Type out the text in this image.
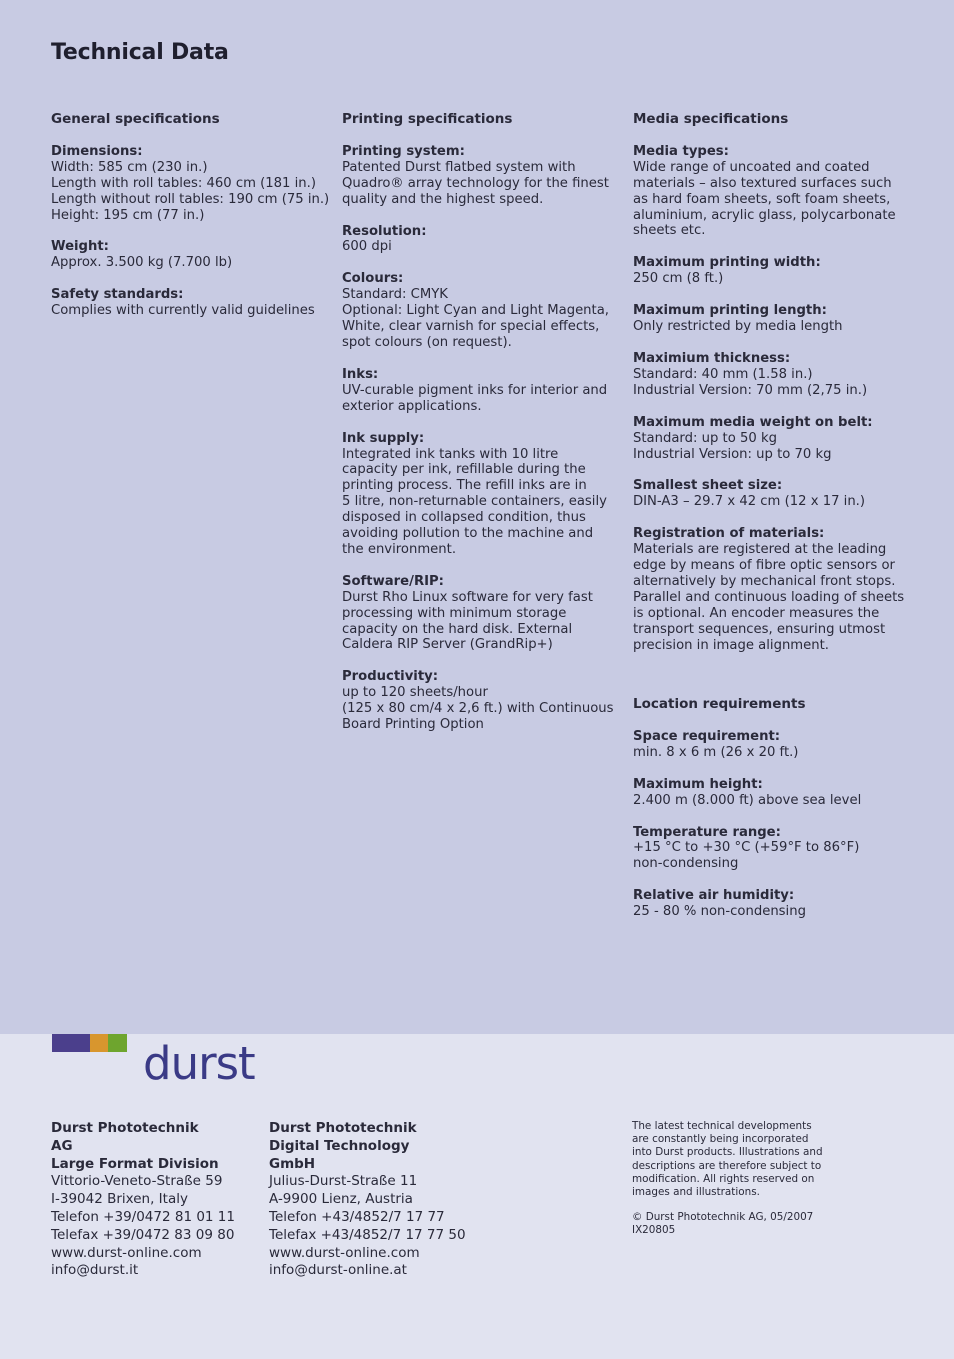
Technical Data
General specifications
Dimensions:
Width: 585 cm (230 in.)
Length with roll tables: 460 cm (181 in.)
Length without roll tables: 190 cm (75 in.)
Height: 195 cm (77 in.)
Weight:
Approx. 3.500 kg (7.700 lb)
Safety standards:
Complies with currently valid guidelines
Printing specifications
Printing system:
Patented Durst flatbed system with
Quadro® array technology for the finest
quality and the highest speed.
Resolution:
600 dpi
Colours:
Standard: CMYK
Optional: Light Cyan and Light Magenta,
White, clear varnish for special effects,
spot colours (on request).
Inks:
UV-curable pigment inks for interior and
exterior applications.
Ink supply:
Integrated ink tanks with 10 litre
capacity per ink, refillable during the
printing process. The refill inks are in
5 litre, non-returnable containers, easily
disposed in collapsed condition, thus
avoiding pollution to the machine and
the environment.
Software/RIP:
Durst Rho Linux software for very fast
processing with minimum storage
capacity on the hard disk. External
Caldera RIP Server (GrandRip+)
Productivity:
up to 120 sheets/hour
(125 x 80 cm/4 x 2,6 ft.) with Continuous
Board Printing Option
Media specifications
Media types:
Wide range of uncoated and coated
materials – also textured surfaces such
as hard foam sheets, soft foam sheets,
aluminium, acrylic glass, polycarbonate
sheets etc.
Maximum printing width:
250 cm (8 ft.)
Maximum printing length:
Only restricted by media length
Maximium thickness:
Standard: 40 mm (1.58 in.)
Industrial Version: 70 mm (2,75 in.)
Maximum media weight on belt:
Standard: up to 50 kg
Industrial Version: up to 70 kg
Smallest sheet size:
DIN-A3 – 29.7 x 42 cm (12 x 17 in.)
Registration of materials:
Materials are registered at the leading
edge by means of fibre optic sensors or
alternatively by mechanical front stops.
Parallel and continuous loading of sheets
is optional. An encoder measures the
transport sequences, ensuring utmost
precision in image alignment.
Location requirements
Space requirement:
min. 8 x 6 m (26 x 20 ft.)
Maximum height:
2.400 m (8.000 ft) above sea level
Temperature range:
+15 °C to +30 °C (+59°F to 86°F)
non-condensing
Relative air humidity:
25 - 80 % non-condensing
durst
Durst Phototechnik
AG
Large Format Division
Vittorio-Veneto-Straße 59
I-39042 Brixen, Italy
Telefon +39/0472 81 01 11
Telefax +39/0472 83 09 80
www.durst-online.com
info@durst.it
Durst Phototechnik
Digital Technology
GmbH
Julius-Durst-Straße 11
A-9900 Lienz, Austria
Telefon +43/4852/7 17 77
Telefax +43/4852/7 17 77 50
www.durst-online.com
info@durst-online.at

The latest technical developments
are constantly being incorporated
into Durst products. Illustrations and
descriptions are therefore subject to
modification. All rights reserved on
images and illustrations.

© Durst Phototechnik AG, 05/2007
IX20805
